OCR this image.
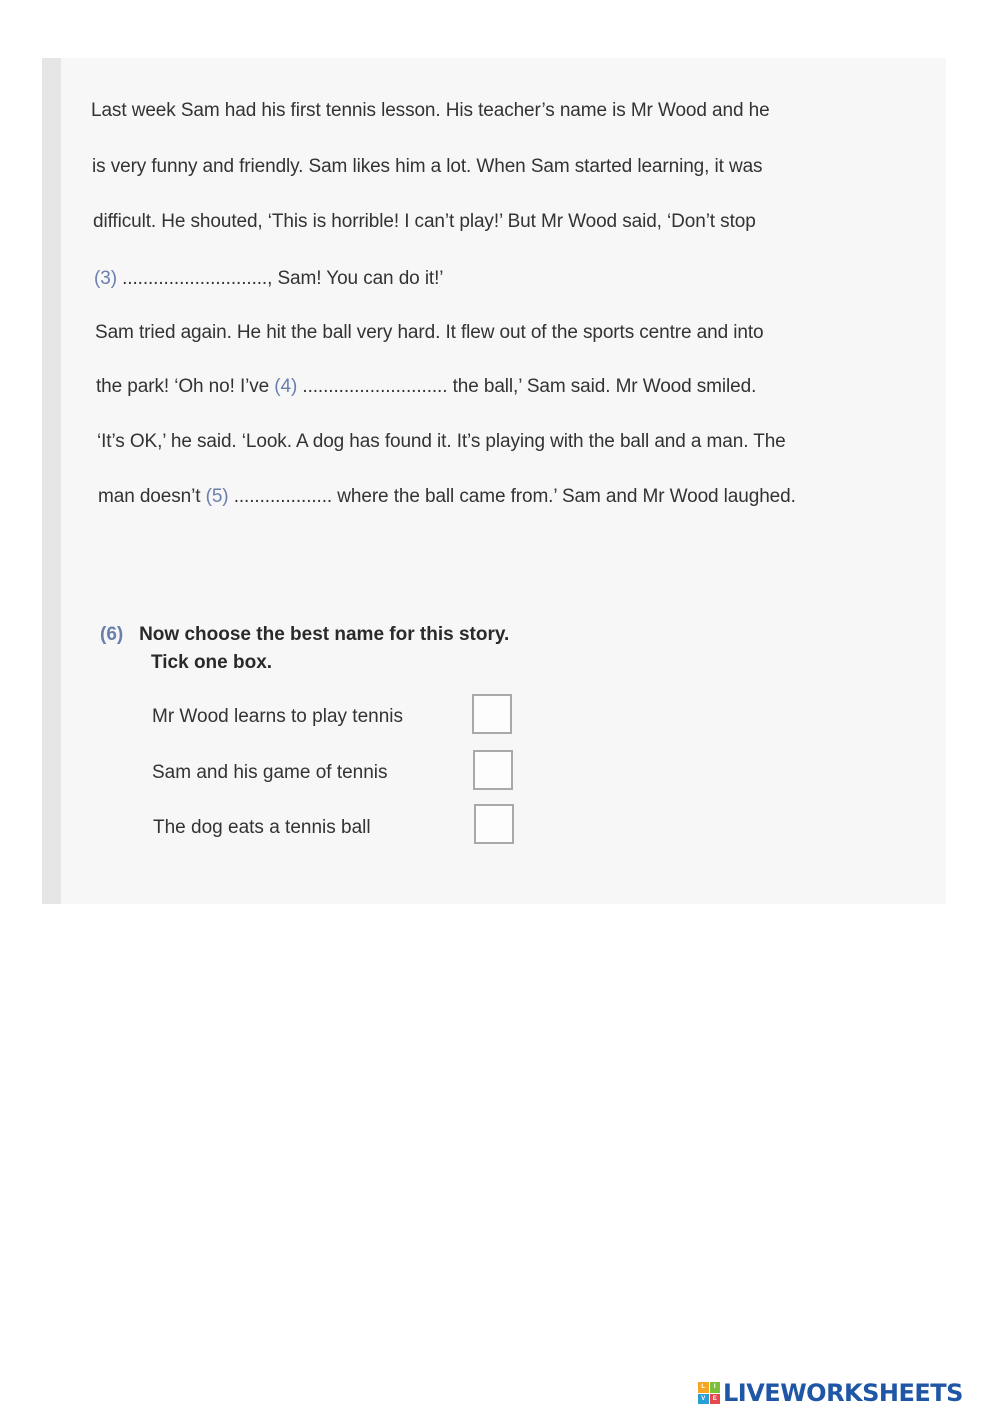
Last week Sam had his first tennis lesson. His teacher’s name is Mr Wood and he
is very funny and friendly. Sam likes him a lot. When Sam started learning, it was
difficult. He shouted, ‘This is horrible! I can’t play!’ But Mr Wood said, ‘Don’t stop
(3) ............................, Sam! You can do it!’
Sam tried again. He hit the ball very hard. It flew out of the sports centre and into
the park! ‘Oh no! I’ve (4) ............................ the ball,’ Sam said. Mr Wood smiled.
‘It’s OK,’ he said. ‘Look. A dog has found it. It’s playing with the ball and a man. The
man doesn’t (5) ................... where the ball came from.’ Sam and Mr Wood laughed.
(6) Now choose the best name for this story.
Tick one box.
Mr Wood learns to play tennis
Sam and his game of tennis
The dog eats a tennis ball
L	I
V	E LIVEWORKSHEETS
